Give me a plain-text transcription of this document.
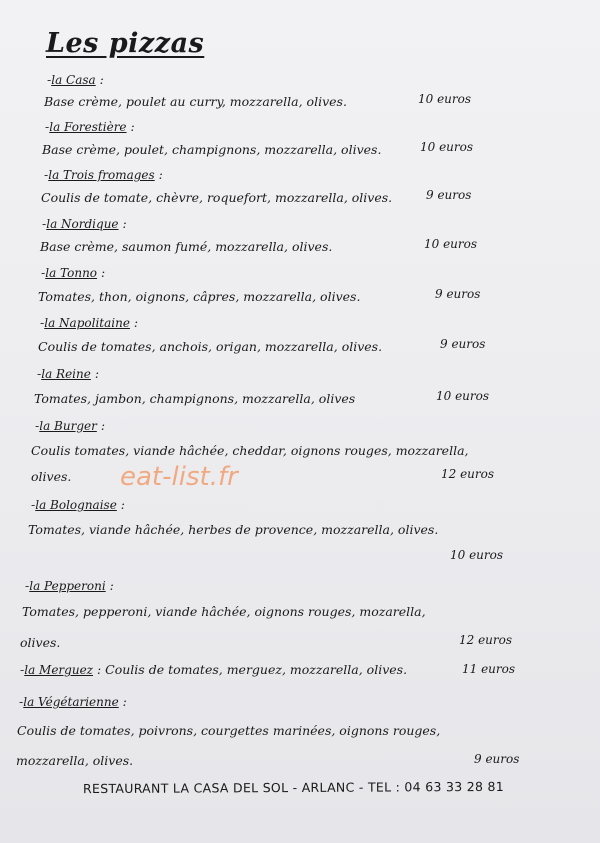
Les pizzas
-la Casa :
Base crème, poulet au curry, mozzarella, olives.	10 euros
-la Forestière :
Base crème, poulet, champignons, mozzarella, olives.	10 euros
-la Trois fromages :
Coulis de tomate, chèvre, roquefort, mozzarella, olives.	9 euros
-la Nordique :
Base crème, saumon fumé, mozzarella, olives.	10 euros
-la Tonno :
Tomates, thon, oignons, câpres, mozzarella, olives.	9 euros
-la Napolitaine :
Coulis de tomates, anchois, origan, mozzarella, olives.	9 euros
-la Reine :
Tomates, jambon, champignons, mozzarella, olives	10 euros
-la Burger :
Coulis tomates, viande hâchée, cheddar, oignons rouges, mozzarella,
olives.	12 euros
-la Bolognaise :
Tomates, viande hâchée, herbes de provence, mozzarella, olives.
10 euros
-la Pepperoni :
Tomates, pepperoni, viande hâchée, oignons rouges, mozarella,
olives.	12 euros
-la Merguez : Coulis de tomates, merguez, mozzarella, olives.	11 euros
-la Végétarienne :
Coulis de tomates, poivrons, courgettes marinées, oignons rouges,
mozzarella, olives.	9 euros
eat-list.fr
RESTAURANT LA CASA DEL SOL - ARLANC - TEL : 04 63 33 28 81
